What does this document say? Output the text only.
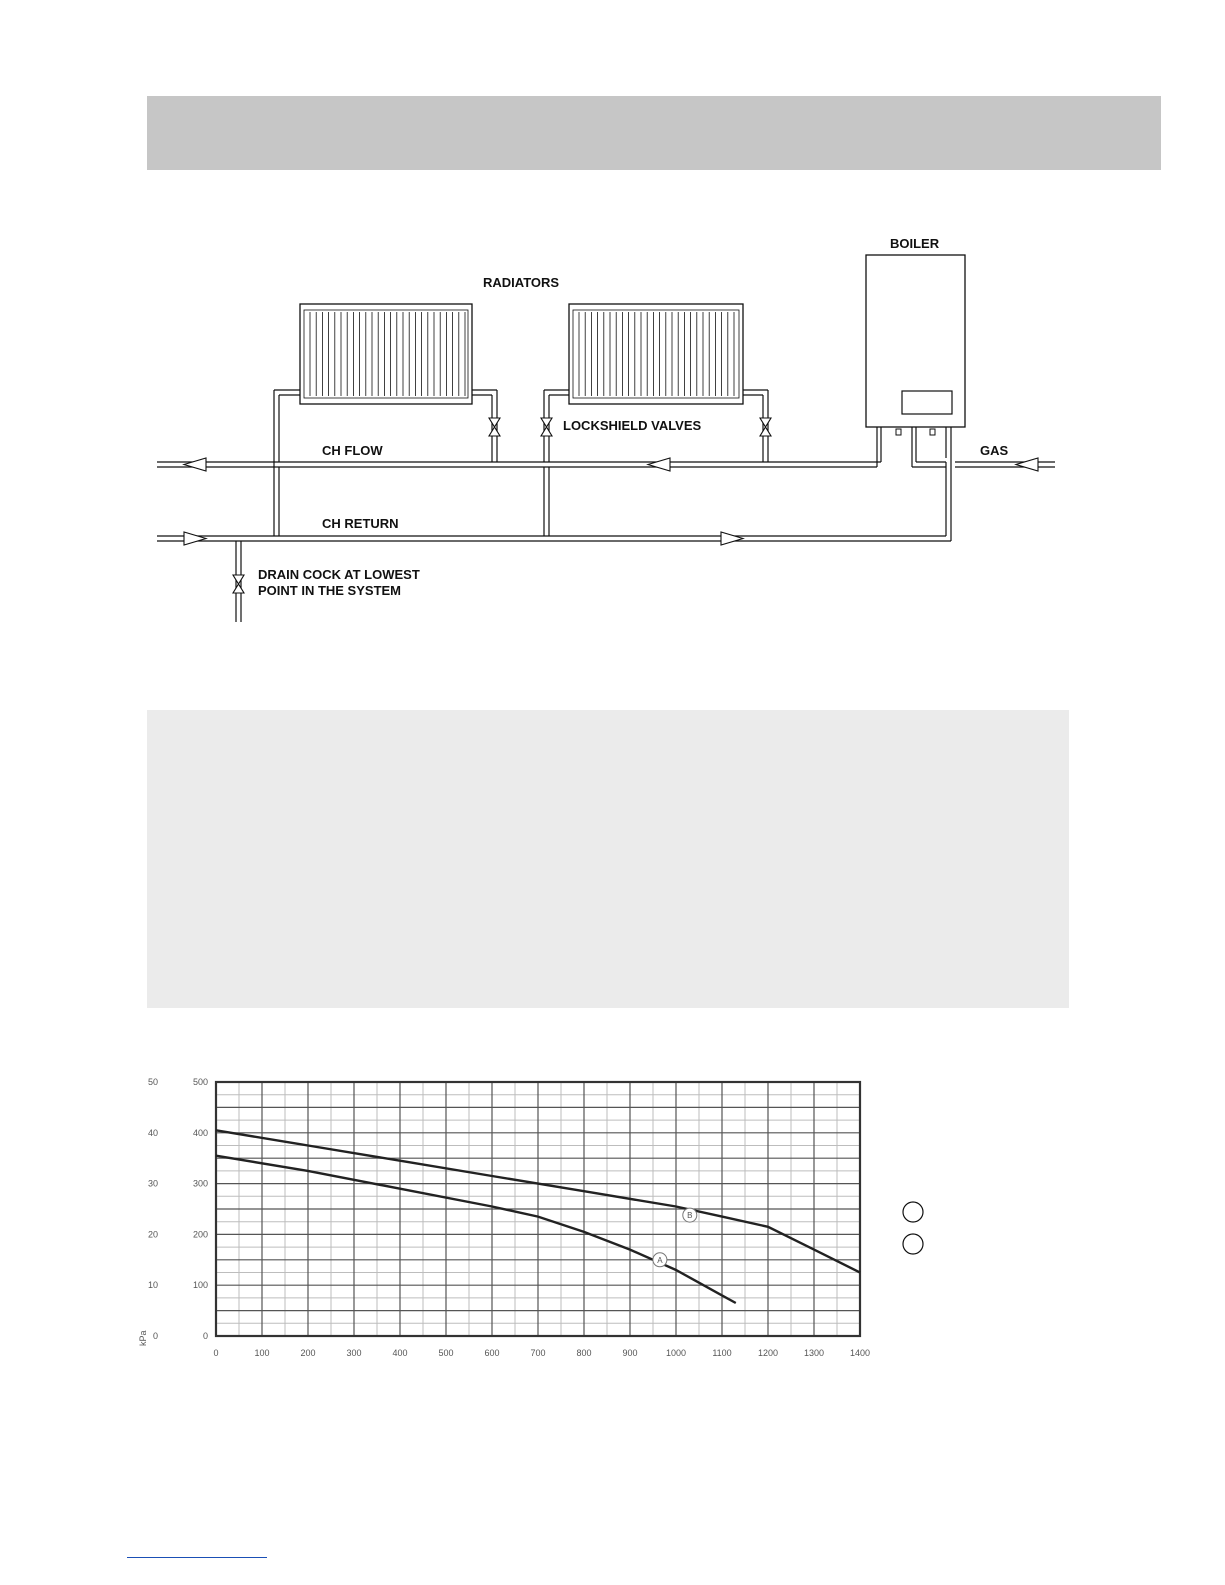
BOILER
RADIATORS
LOCKSHIELD VALVES
CH FLOW	GAS
CH RETURN
DRAIN COCK AT LOWEST
POINT IN THE SYSTEM
0	100	200	300	400	500	600	700	800	900	1000	1100	1200	1300	1400
0
0
100
10
200
20
300
30
400
40
500
50
B
A
kPa
